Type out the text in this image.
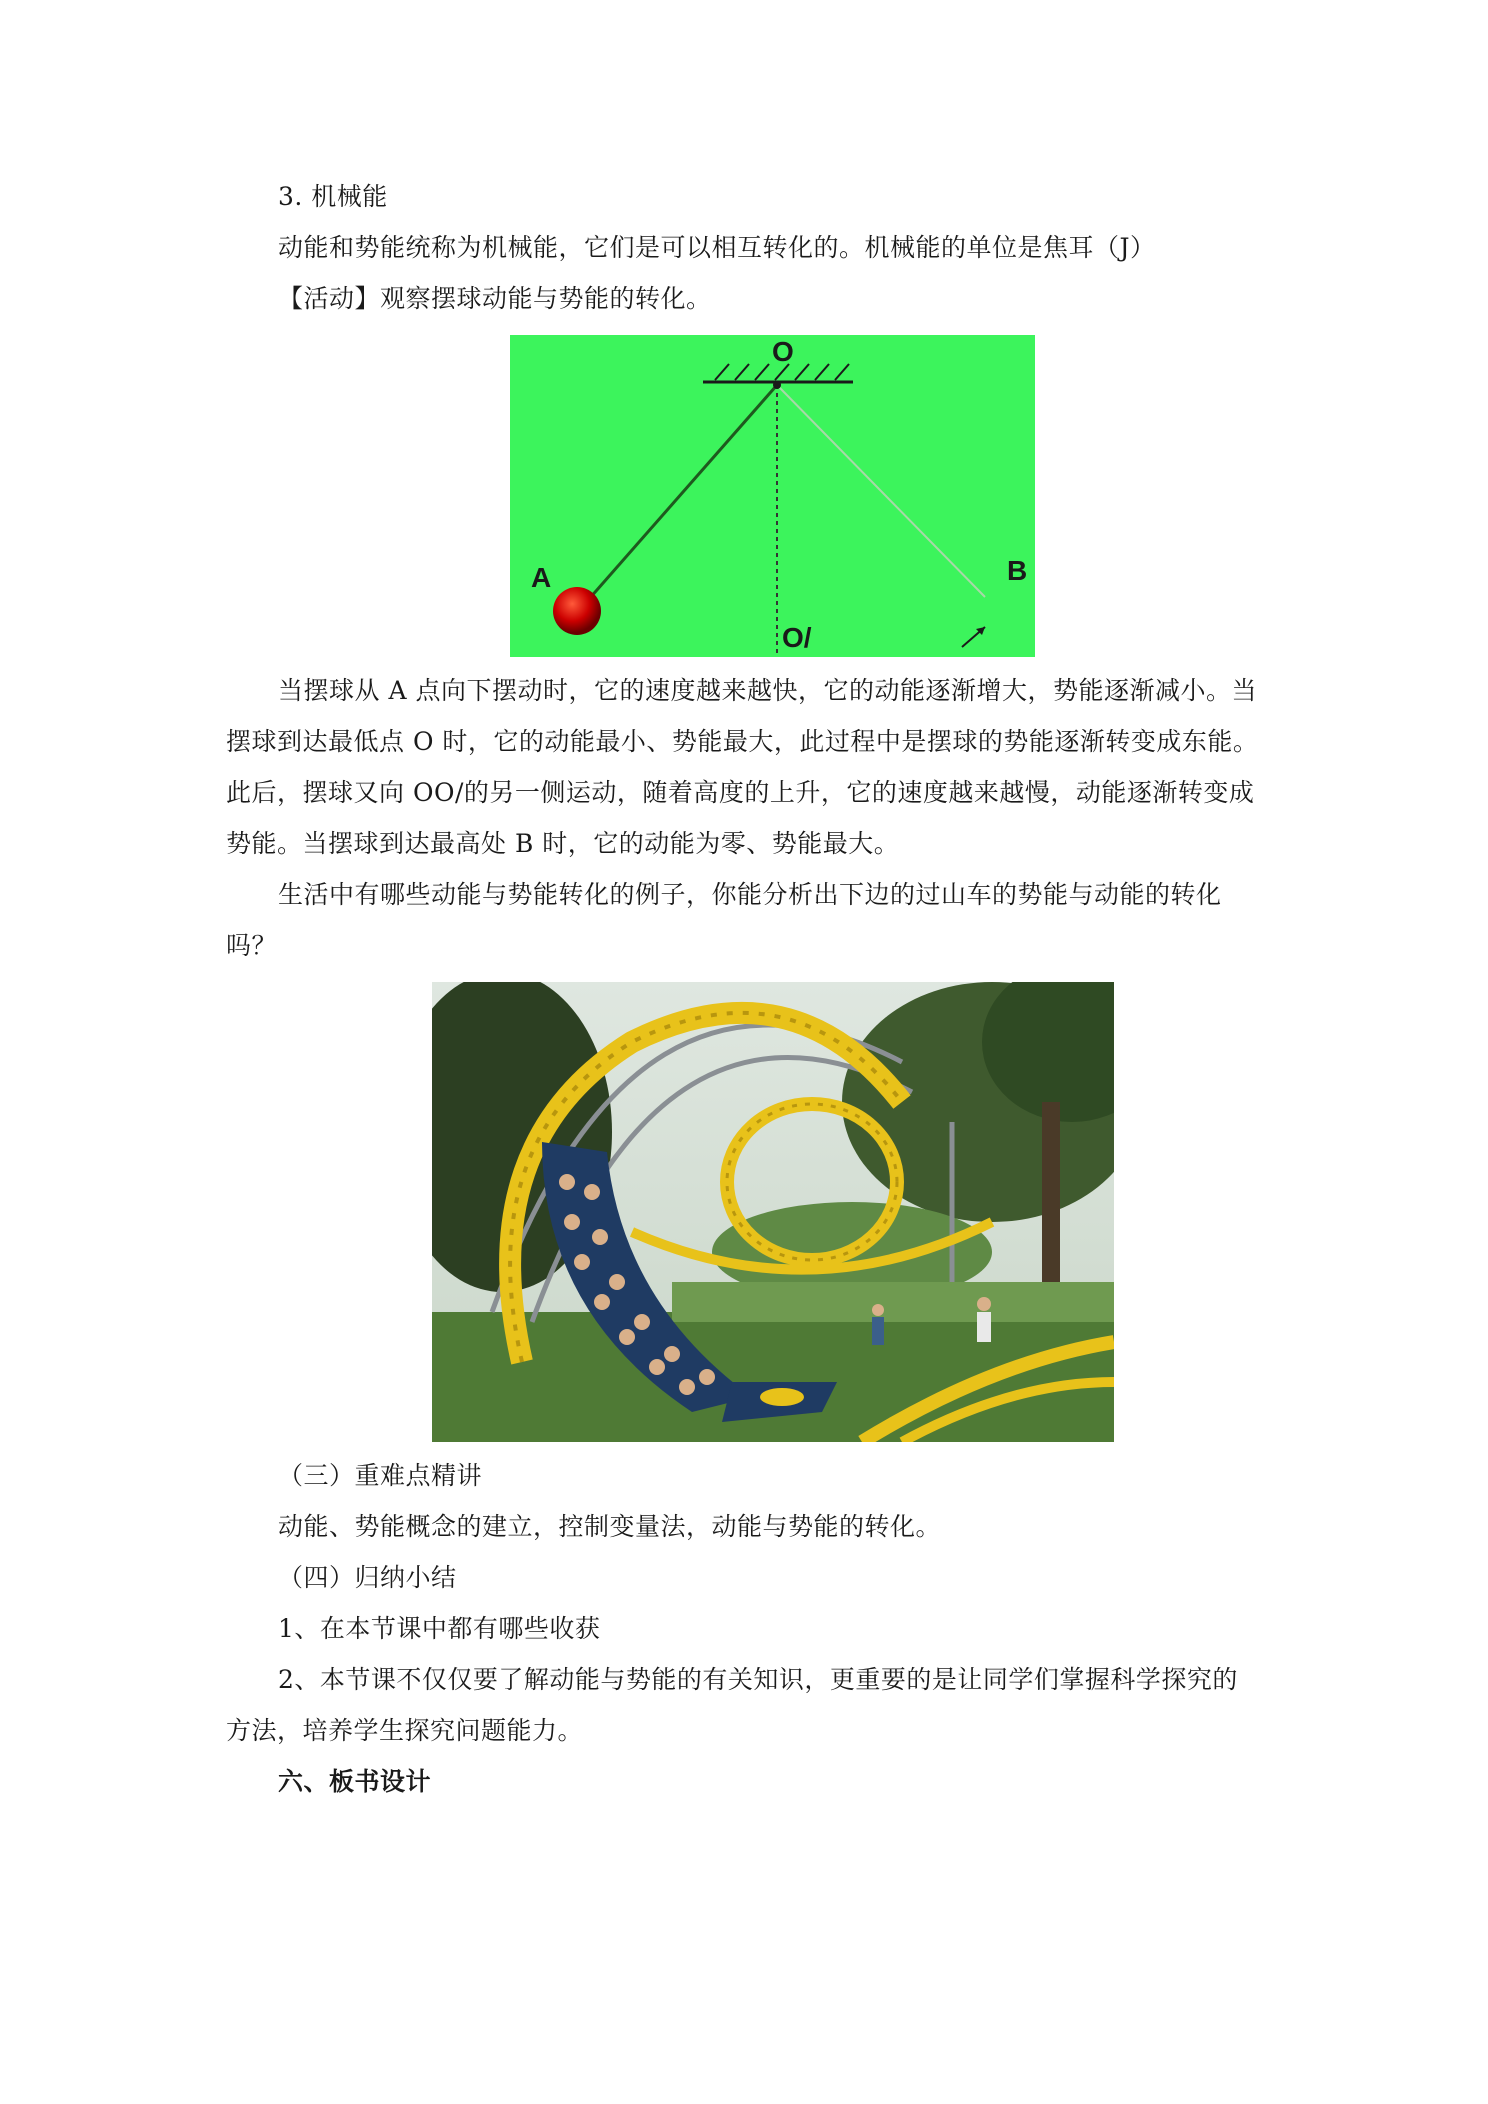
3. 机械能
动能和势能统称为机械能，它们是可以相互转化的。机械能的单位是焦耳（J）
【活动】观察摆球动能与势能的转化。
O
A	B
O/
当摆球从 A 点向下摆动时，它的速度越来越快，它的动能逐渐增大，势能逐渐减小。当
摆球到达最低点 O 时，它的动能最小、势能最大，此过程中是摆球的势能逐渐转变成东能。
此后，摆球又向 OO/的另一侧运动，随着高度的上升，它的速度越来越慢，动能逐渐转变成
势能。当摆球到达最高处 B 时，它的动能为零、势能最大。
生活中有哪些动能与势能转化的例子，你能分析出下边的过山车的势能与动能的转化
吗？
（三）重难点精讲
动能、势能概念的建立，控制变量法，动能与势能的转化。
（四）归纳小结
1、在本节课中都有哪些收获
2、本节课不仅仅要了解动能与势能的有关知识，更重要的是让同学们掌握科学探究的
方法，培养学生探究问题能力。
六、板书设计
